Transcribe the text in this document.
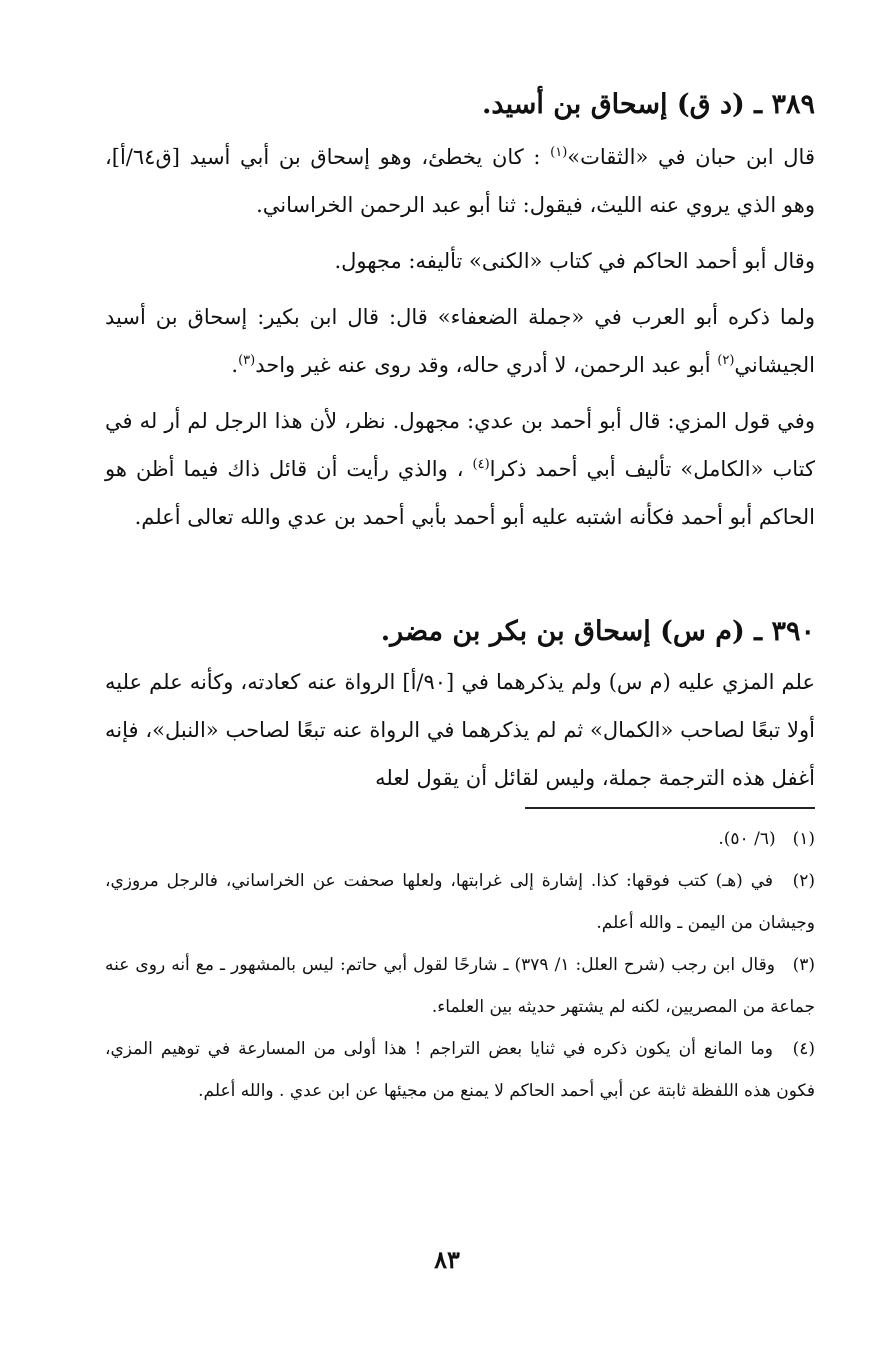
٣٨٩ ـ (د ق) إسحاق بن أسيد.

قال ابن حبان في «الثقات»$^{(١)}$ : كان يخطئ، وهو إسحاق بن أبي أسيد [ق٦٤/أ]، وهو الذي يروي عنه الليث، فيقول: ثنا أبو عبد الرحمن الخراساني.

وقال أبو أحمد الحاكم في كتاب «الكنى» تأليفه: مجهول.

ولما ذكره أبو العرب في «جملة الضعفاء» قال: قال ابن بكير: إسحاق بن أسيد الجيشاني$^{(٢)}$ أبو عبد الرحمن، لا أدري حاله، وقد روى عنه غير واحد$^{(٣)}$.

وفي قول المزي: قال أبو أحمد بن عدي: مجهول. نظر، لأن هذا الرجل لم أر له في كتاب «الكامل» تأليف أبي أحمد ذكرا$^{(٤)}$ ، والذي رأيت أن قائل ذاك فيما أظن هو الحاكم أبو أحمد فكأنه اشتبه عليه أبو أحمد بأبي أحمد بن عدي والله تعالى أعلم.

٣٩٠ ـ (م س) إسحاق بن بكر بن مضر.

علم المزي عليه (م س) ولم يذكرهما في [٩٠/أ] الرواة عنه كعادته، وكأنه علم عليه أولا تبعًا لصاحب «الكمال» ثم لم يذكرهما في الرواة عنه تبعًا لصاحب «النبل»، فإنه أغفل هذه الترجمة جملة، وليس لقائل أن يقول لعله

(١) (٦/ ٥٠).

(٢) في (هـ) كتب فوقها: كذا. إشارة إلى غرابتها، ولعلها صحفت عن الخراساني، فالرجل مروزي، وجيشان من اليمن ـ والله أعلم.

(٣) وقال ابن رجب (شرح العلل: ١/ ٣٧٩) ـ شارحًا لقول أبي حاتم: ليس بالمشهور ـ مع أنه روى عنه جماعة من المصريين، لكنه لم يشتهر حديثه بين العلماء.

(٤) وما المانع أن يكون ذكره في ثنايا بعض التراجم ! هذا أولى من المسارعة في توهيم المزي، فكون هذه اللفظة ثابتة عن أبي أحمد الحاكم لا يمنع من مجيئها عن ابن عدي . والله أعلم.

٨٣
